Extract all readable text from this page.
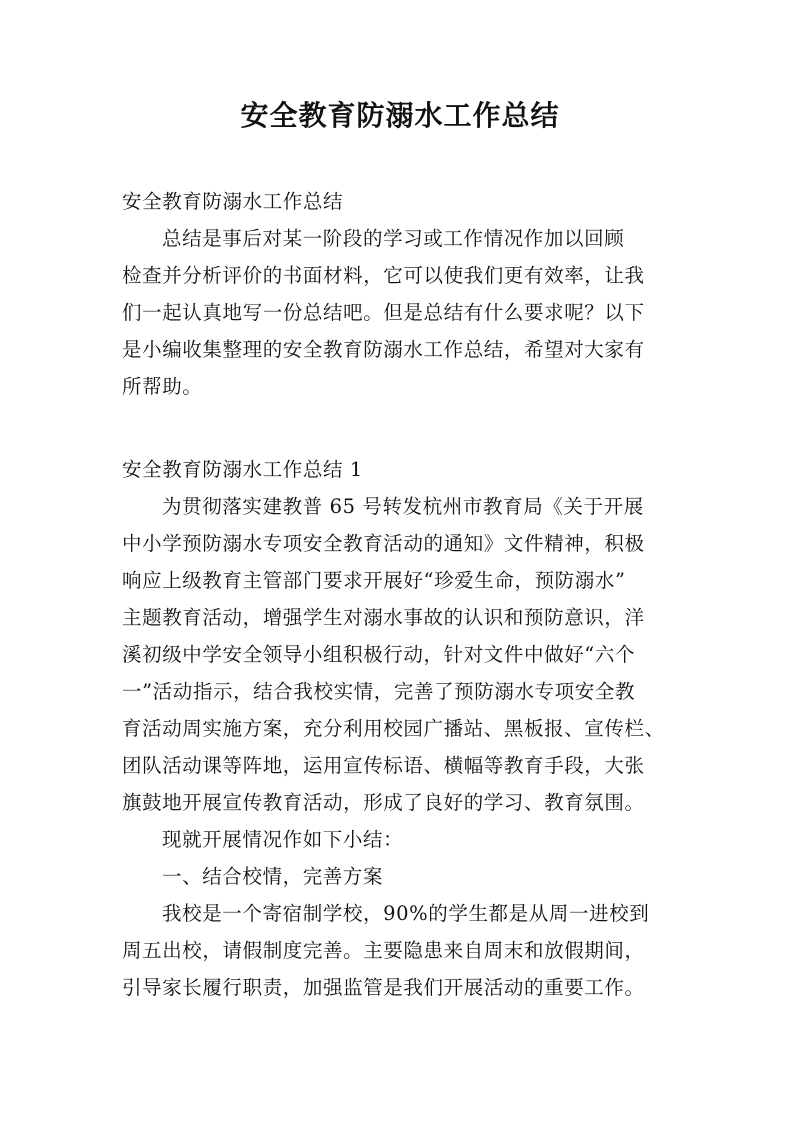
安全教育防溺水工作总结
安全教育防溺水工作总结
总结是事后对某一阶段的学习或工作情况作加以回顾
检查并分析评价的书面材料，它可以使我们更有效率，让我
们一起认真地写一份总结吧。但是总结有什么要求呢？以下
是小编收集整理的安全教育防溺水工作总结，希望对大家有
所帮助。
安全教育防溺水工作总结 1
为贯彻落实建教普 65 号转发杭州市教育局《关于开展
中小学预防溺水专项安全教育活动的通知》文件精神，积极
响应上级教育主管部门要求开展好“珍爱生命，预防溺水”
主题教育活动，增强学生对溺水事故的认识和预防意识，洋
溪初级中学安全领导小组积极行动，针对文件中做好“六个
一”活动指示，结合我校实情，完善了预防溺水专项安全教
育活动周实施方案，充分利用校园广播站、黑板报、宣传栏、
团队活动课等阵地，运用宣传标语、横幅等教育手段，大张
旗鼓地开展宣传教育活动，形成了良好的学习、教育氛围。
现就开展情况作如下小结：
一、结合校情，完善方案
我校是一个寄宿制学校，90%的学生都是从周一进校到
周五出校，请假制度完善。主要隐患来自周末和放假期间，
引导家长履行职责，加强监管是我们开展活动的重要工作。
